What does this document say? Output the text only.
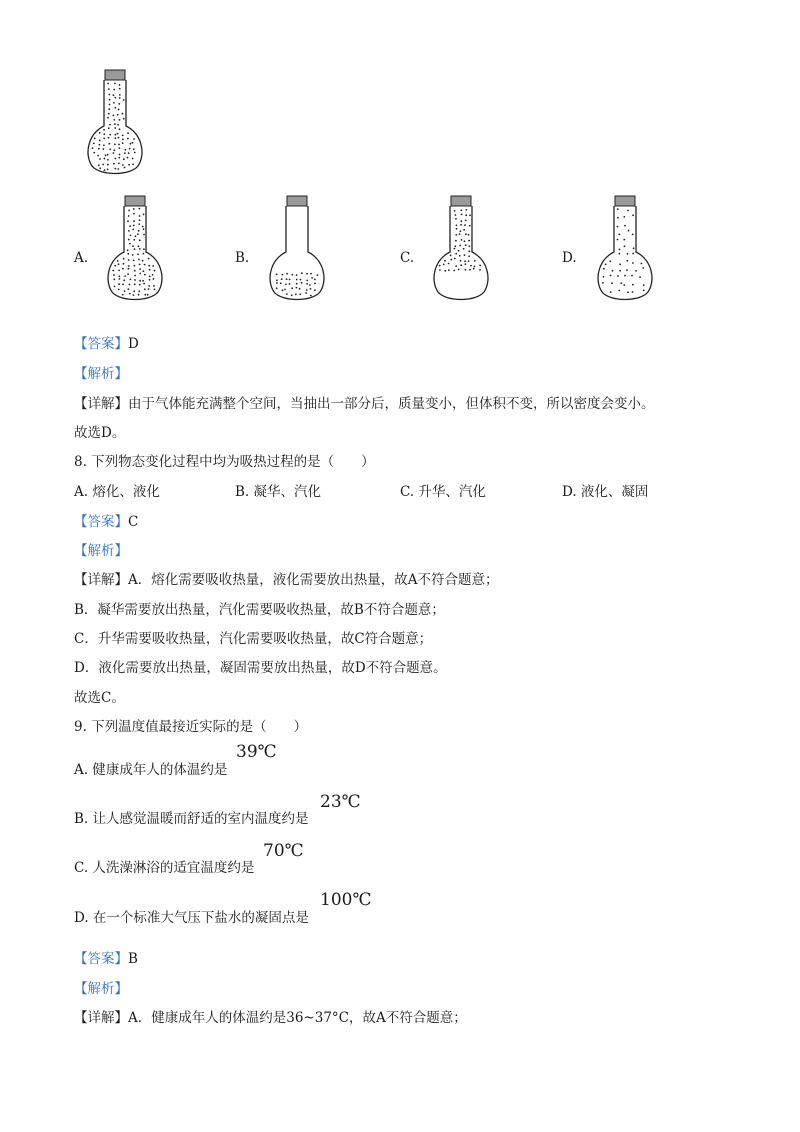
A.	B.	C.	D.
【答案】D
【解析】
【详解】由于气体能充满整个空间，当抽出一部分后，质量变小，但体积不变，所以密度会变小。
故选D。
8. 下列物态变化过程中均为吸热过程的是（　　）
A. 熔化、液化	B. 凝华、汽化	C. 升华、汽化	D. 液化、凝固
【答案】C
【解析】
【详解】A．熔化需要吸收热量，液化需要放出热量，故A不符合题意；
B．凝华需要放出热量，汽化需要吸收热量，故B不符合题意；
C．升华需要吸收热量，汽化需要吸收热量，故C符合题意；
D．液化需要放出热量，凝固需要放出热量，故D不符合题意。
故选C。
9. 下列温度值最接近实际的是（　　）
A. 健康成年人的体温约是
39℃
B. 让人感觉温暖而舒适的室内温度约是
23℃
C. 人洗澡淋浴的适宜温度约是
70℃
D. 在一个标准大气压下盐水的凝固点是
100℃
【答案】B
【解析】
【详解】A．健康成年人的体温约是36~37°C，故A不符合题意；
